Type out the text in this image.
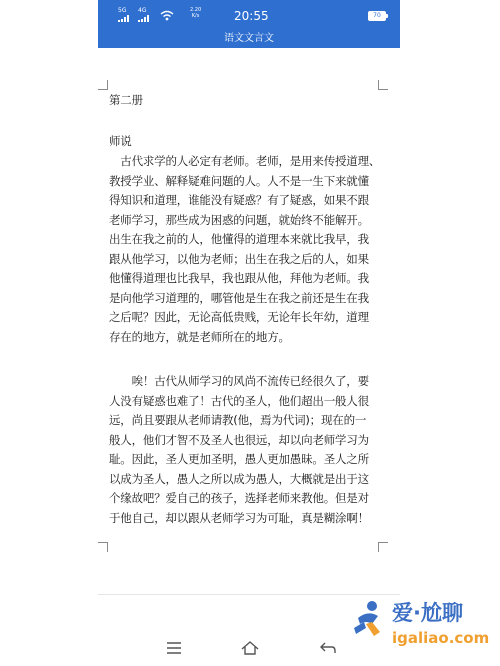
5G 4G	2.20
K/s	20:55	70
语文文言文
第二册
师说
　古代求学的人必定有老师。老师，是用来传授道理、
教授学业、解释疑难问题的人。人不是一生下来就懂
得知识和道理，谁能没有疑惑？有了疑惑，如果不跟
老师学习，那些成为困惑的问题，就始终不能解开。
出生在我之前的人，他懂得的道理本来就比我早，我
跟从他学习，以他为老师；出生在我之后的人，如果
他懂得道理也比我早，我也跟从他，拜他为老师。我
是向他学习道理的，哪管他是生在我之前还是生在我
之后呢？因此，无论高低贵贱，无论年长年幼，道理
存在的地方，就是老师所在的地方。
　　唉！古代从师学习的风尚不流传已经很久了，要
人没有疑惑也难了！古代的圣人，他们超出一般人很
远，尚且要跟从老师请教(他，焉为代词)；现在的一
般人，他们才智不及圣人也很远，却以向老师学习为
耻。因此，圣人更加圣明，愚人更加愚昧。圣人之所
以成为圣人，愚人之所以成为愚人，大概就是出于这
个缘故吧？爱自己的孩子，选择老师来教他。但是对
于他自己，却以跟从老师学习为可耻，真是糊涂啊！
爱·尬聊
igaliao.com
